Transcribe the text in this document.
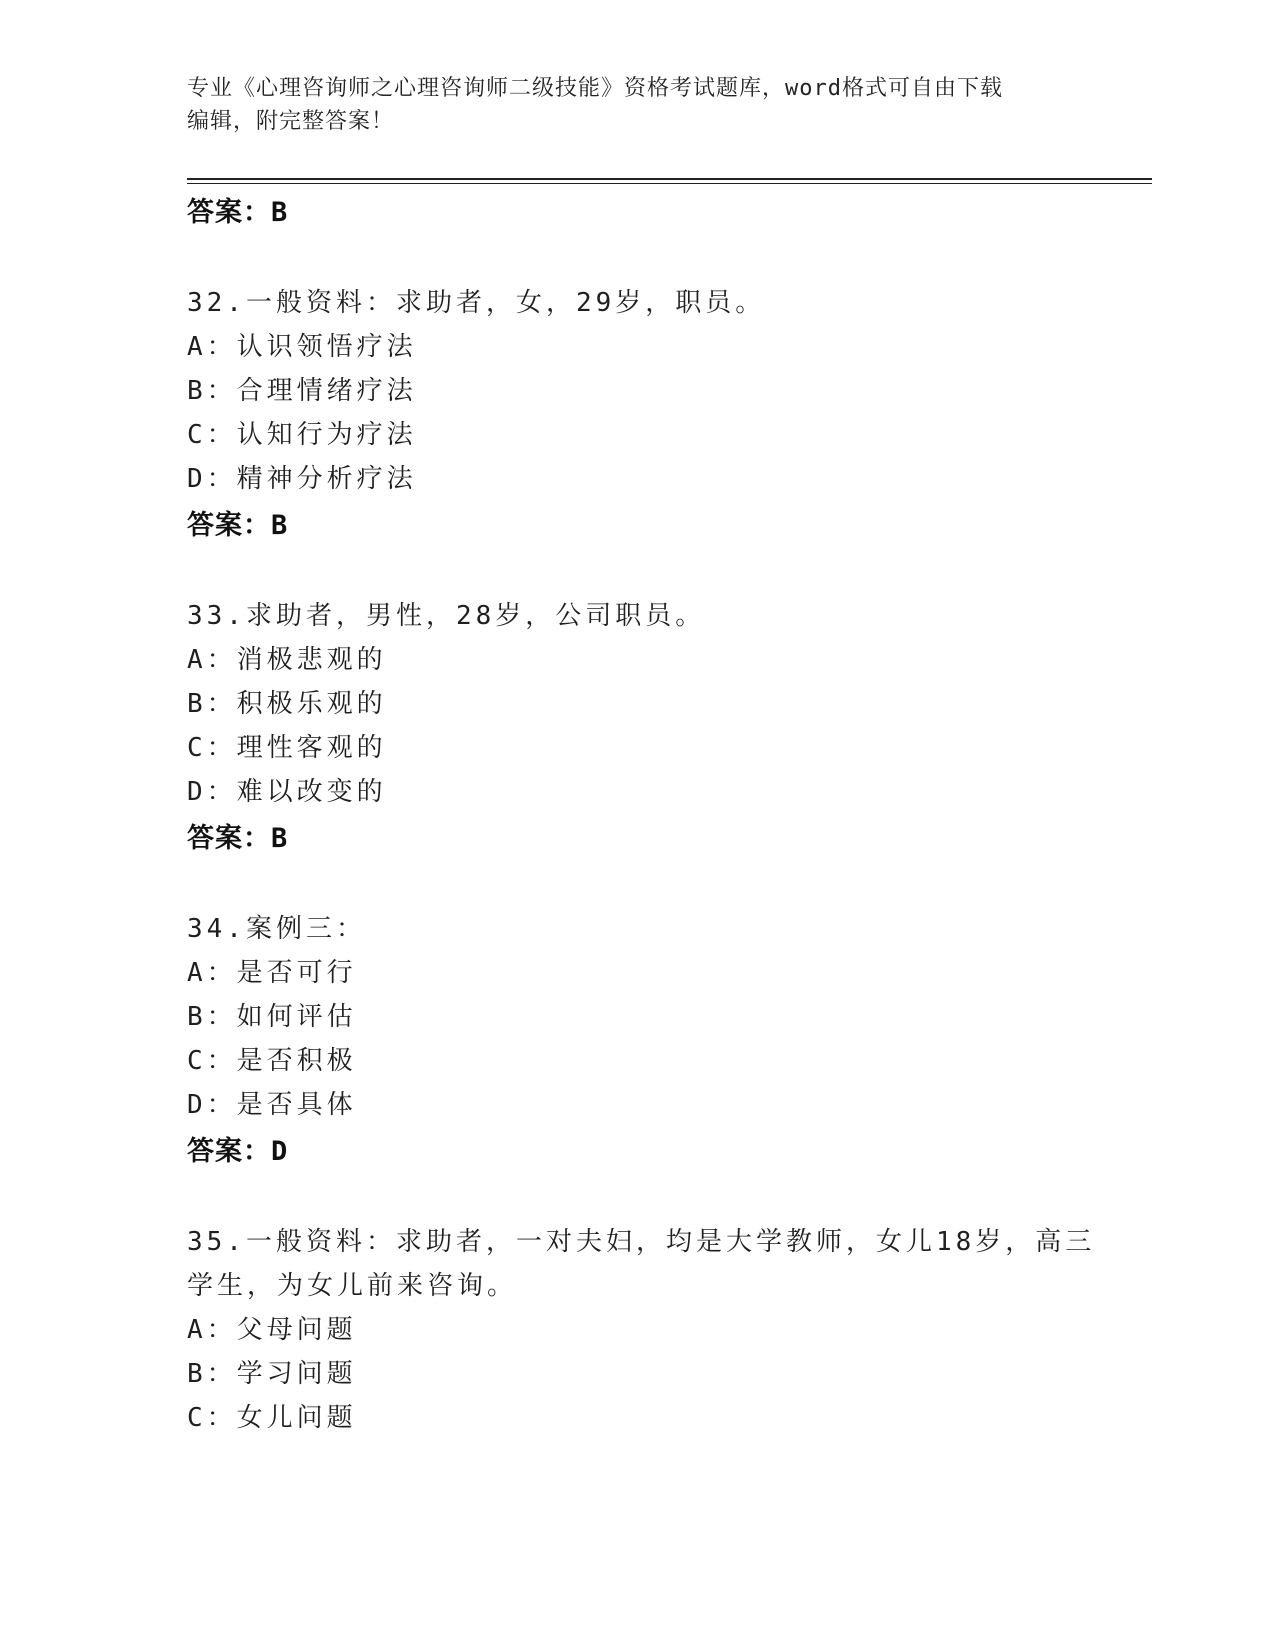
专业《心理咨询师之心理咨询师二级技能》资格考试题库，word格式可自由下载
编辑，附完整答案！
答案：B
32.一般资料：求助者，女，29岁，职员。
A：认识领悟疗法
B：合理情绪疗法
C：认知行为疗法
D：精神分析疗法
答案：B
33.求助者，男性，28岁，公司职员。
A：消极悲观的
B：积极乐观的
C：理性客观的
D：难以改变的
答案：B
34.案例三：
A：是否可行
B：如何评估
C：是否积极
D：是否具体
答案：D
35.一般资料：求助者，一对夫妇，均是大学教师，女儿18岁，高三
学生，为女儿前来咨询。
A：父母问题
B：学习问题
C：女儿问题
